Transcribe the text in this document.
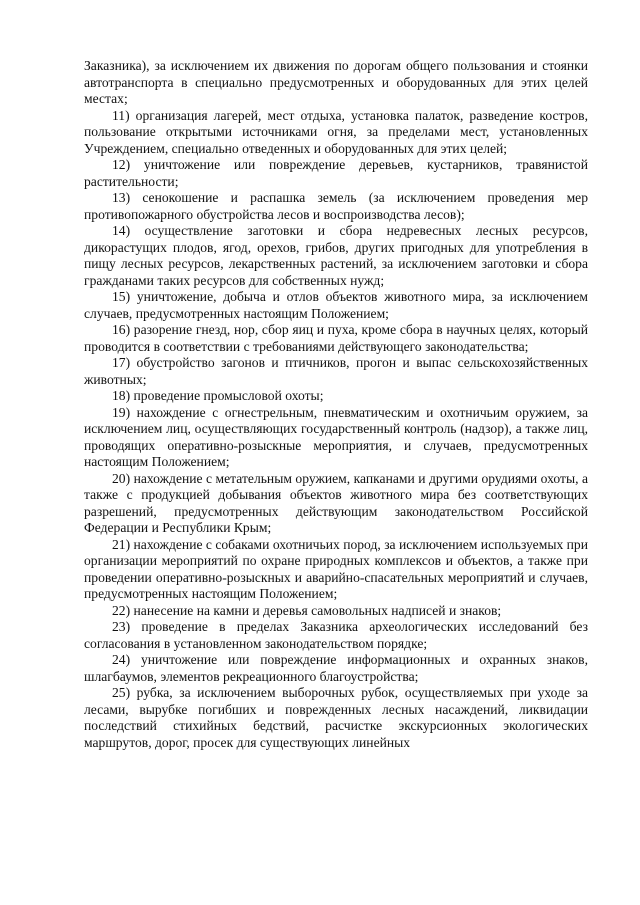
Заказника), за исключением их движения по дорогам общего пользования и стоянки автотранспорта в специально предусмотренных и оборудованных для этих целей местах;

11) организация лагерей, мест отдыха, установка палаток, разведение костров, пользование открытыми источниками огня, за пределами мест, установленных Учреждением, специально отведенных и оборудованных для этих целей;

12) уничтожение или повреждение деревьев, кустарников, травянистой растительности;

13) сенокошение и распашка земель (за исключением проведения мер противопожарного обустройства лесов и воспроизводства лесов);

14) осуществление заготовки и сбора недревесных лесных ресурсов, дикорастущих плодов, ягод, орехов, грибов, других пригодных для употребления в пищу лесных ресурсов, лекарственных растений, за исключением заготовки и сбора гражданами таких ресурсов для собственных нужд;

15) уничтожение, добыча и отлов объектов животного мира, за исключением случаев, предусмотренных настоящим Положением;

16) разорение гнезд, нор, сбор яиц и пуха, кроме сбора в научных целях, который проводится в соответствии с требованиями действующего законодательства;

17) обустройство загонов и птичников, прогон и выпас сельскохозяйственных животных;

18) проведение промысловой охоты;

19) нахождение с огнестрельным, пневматическим и охотничьим оружием, за исключением лиц, осуществляющих государственный контроль (надзор), а также лиц, проводящих оперативно-розыскные мероприятия, и случаев, предусмотренных настоящим Положением;

20) нахождение с метательным оружием, капканами и другими орудиями охоты, а также с продукцией добывания объектов животного мира без соответствующих разрешений, предусмотренных действующим законодательством Российской Федерации и Республики Крым;

21) нахождение с собаками охотничьих пород, за исключением используемых при организации мероприятий по охране природных комплексов и объектов, а также при проведении оперативно-розыскных и аварийно-спасательных мероприятий и случаев, предусмотренных настоящим Положением;

22) нанесение на камни и деревья самовольных надписей и знаков;

23) проведение в пределах Заказника археологических исследований без согласования в установленном законодательством порядке;

24) уничтожение или повреждение информационных и охранных знаков, шлагбаумов, элементов рекреационного благоустройства;

25) рубка, за исключением выборочных рубок, осуществляемых при уходе за лесами, вырубке погибших и поврежденных лесных насаждений, ликвидации последствий стихийных бедствий, расчистке экскурсионных экологических маршрутов, дорог, просек для существующих линейных
